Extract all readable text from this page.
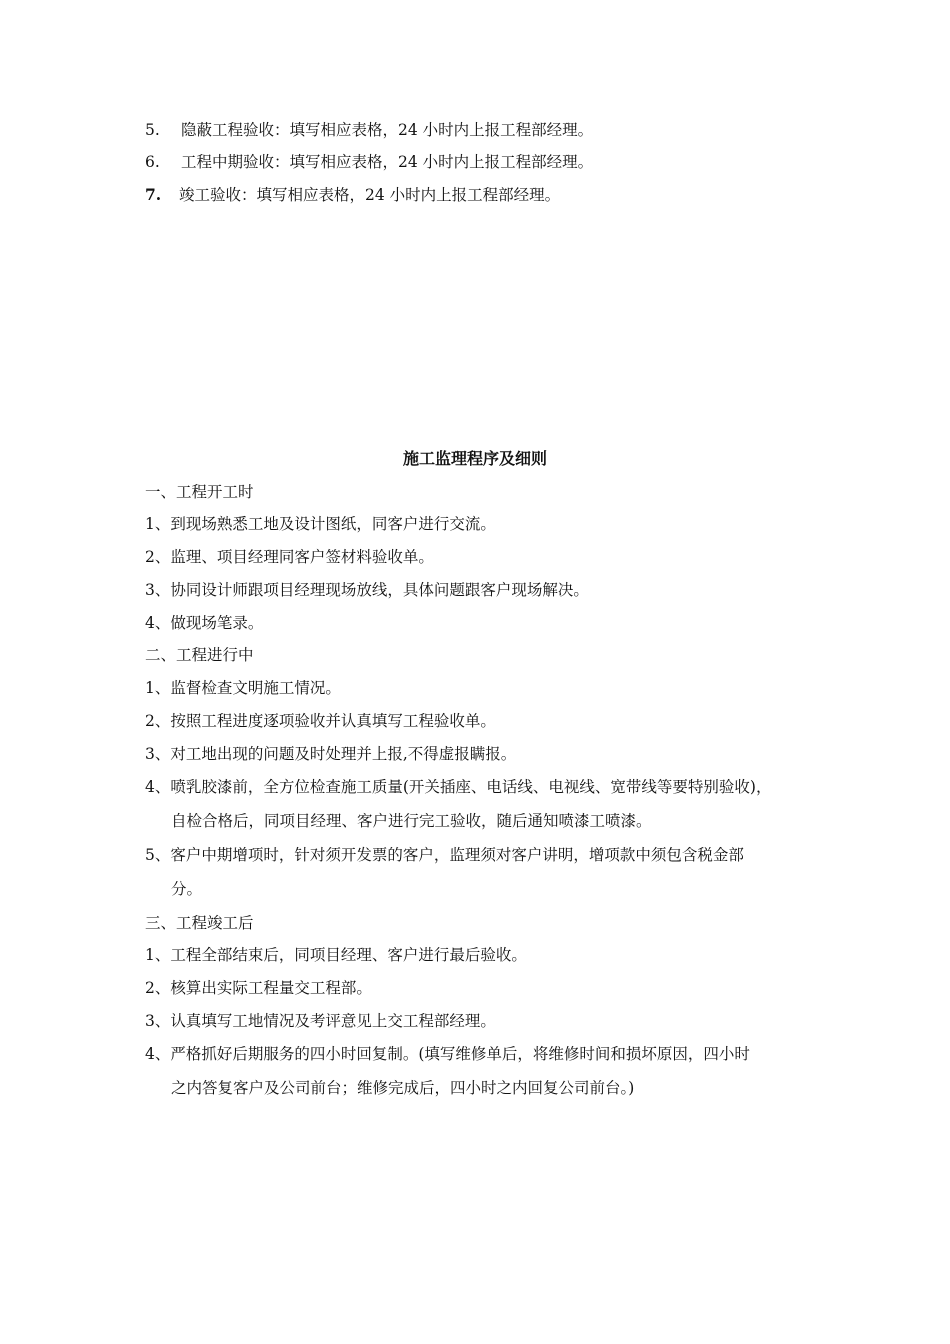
5. 隐蔽工程验收：填写相应表格，24 小时内上报工程部经理。
6. 工程中期验收：填写相应表格，24 小时内上报工程部经理。
7. 竣工验收：填写相应表格，24 小时内上报工程部经理。
施工监理程序及细则
一、工程开工时
1、到现场熟悉工地及设计图纸，同客户进行交流。
2、监理、项目经理同客户签材料验收单。
3、协同设计师跟项目经理现场放线，具体问题跟客户现场解决。
4、做现场笔录。
二、工程进行中
1、监督检查文明施工情况。
2、按照工程进度逐项验收并认真填写工程验收单。
3、对工地出现的问题及时处理并上报,不得虚报瞒报。
4、喷乳胶漆前，全方位检查施工质量(开关插座、电话线、电视线、宽带线等要特别验收)，
自检合格后，同项目经理、客户进行完工验收，随后通知喷漆工喷漆。
5、客户中期增项时，针对须开发票的客户，监理须对客户讲明，增项款中须包含税金部
分。
三、工程竣工后
1、工程全部结束后，同项目经理、客户进行最后验收。
2、核算出实际工程量交工程部。
3、认真填写工地情况及考评意见上交工程部经理。
4、严格抓好后期服务的四小时回复制。(填写维修单后，将维修时间和损坏原因，四小时
之内答复客户及公司前台；维修完成后，四小时之内回复公司前台。)
